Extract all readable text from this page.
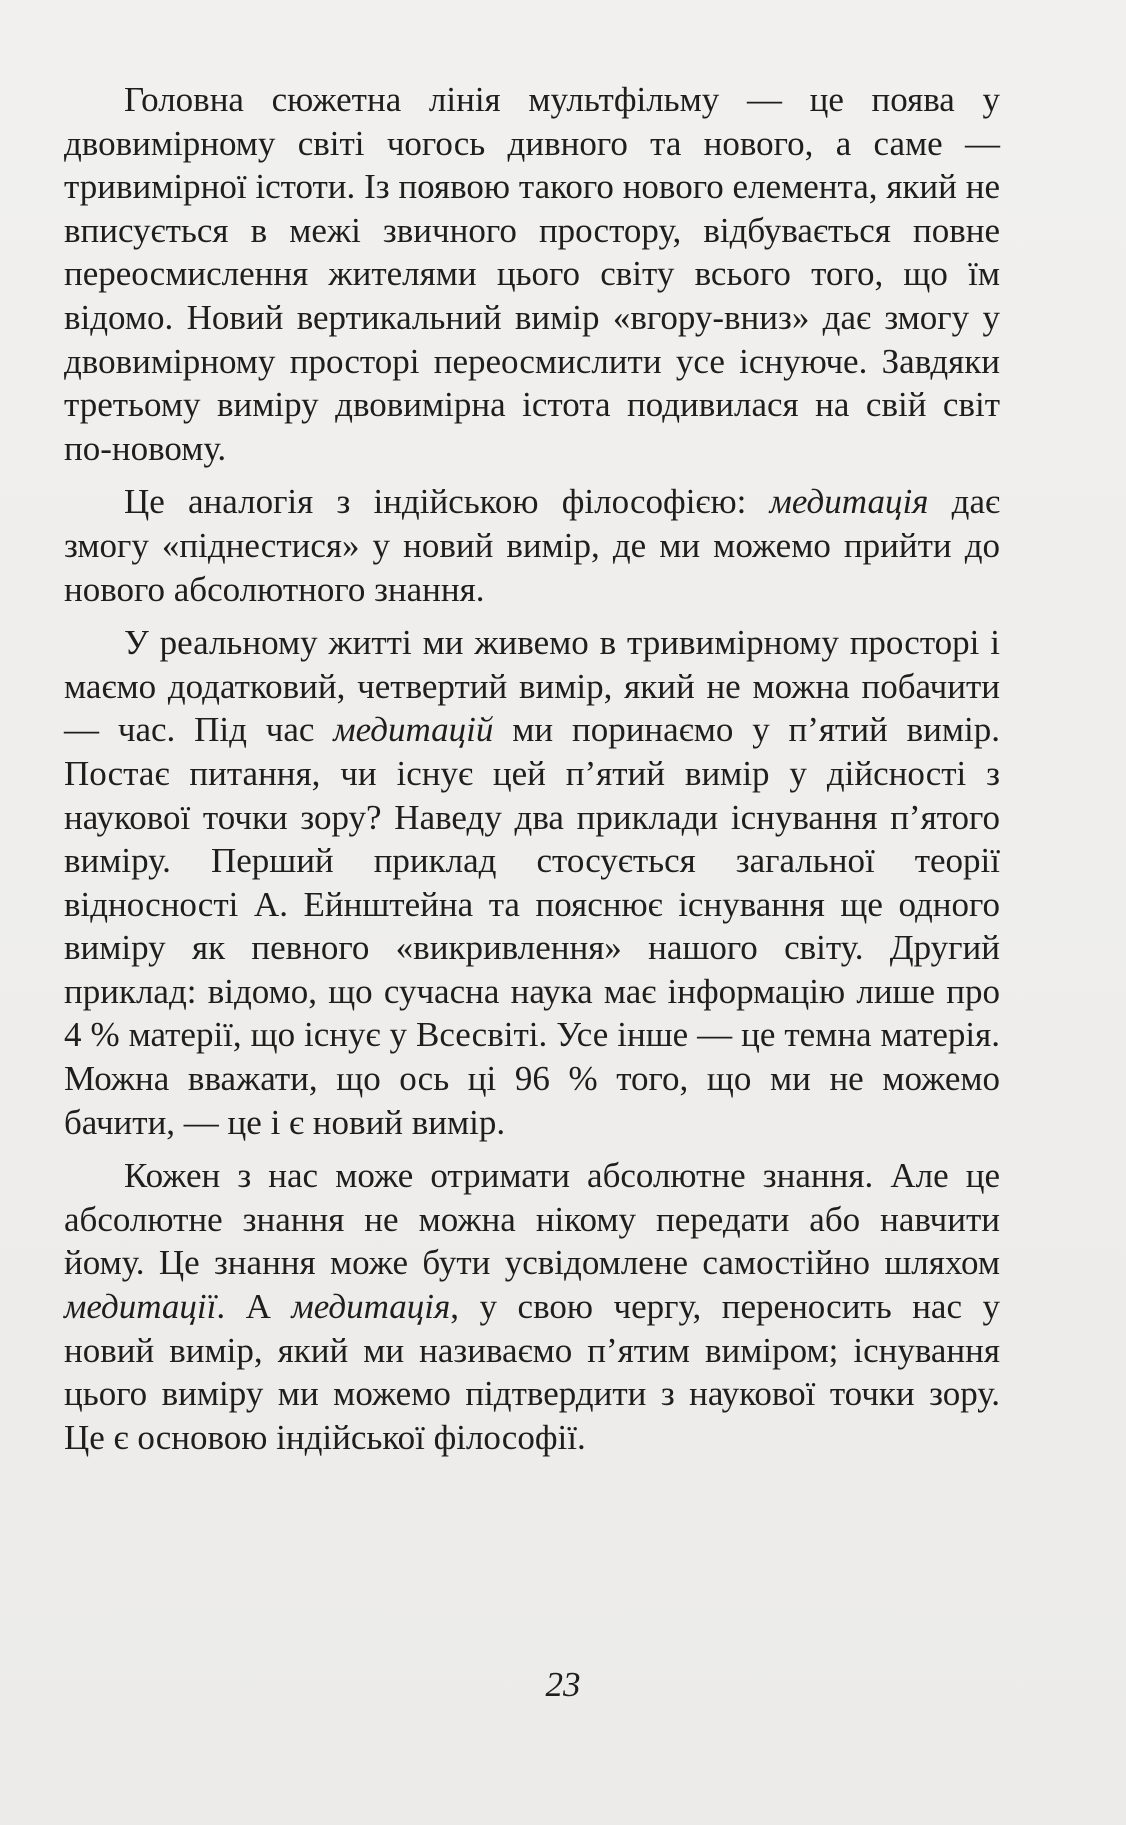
Головна сюжетна лінія мультфільму — це поява у двовимірному світі чогось дивного та нового, а саме — тривимірної істоти. Із появою такого нового елемента, який не вписується в межі звичного простору, відбувається повне переосмислення жителями цього світу всього того, що їм відомо. Новий вертикальний вимір «вгору-вниз» дає змогу у двовимірному просторі переосмислити усе існуюче. Завдяки третьому виміру двовимірна істота подивилася на свій світ по-новому.

Це аналогія з індійською філософією: медитація дає змогу «піднестися» у новий вимір, де ми можемо прийти до нового абсолютного знання.

У реальному житті ми живемо в тривимірному просторі і маємо додатковий, четвертий вимір, який не можна побачити — час. Під час медитацій ми поринаємо у п’ятий вимір. Постає питання, чи існує цей п’ятий вимір у дійсності з наукової точки зору? Наведу два приклади існування п’ятого виміру. Перший приклад стосується загальної теорії відносності А. Ейнштейна та пояснює існування ще одного виміру як певного «викривлення» нашого світу. Другий приклад: відомо, що сучасна наука має інформацію лише про 4 % матерії, що існує у Всесвіті. Усе інше — це темна матерія. Можна вважати, що ось ці 96 % того, що ми не можемо бачити, — це і є новий вимір.

Кожен з нас може отримати абсолютне знання. Але це абсолютне знання не можна нікому передати або навчити йому. Це знання може бути усвідомлене самостійно шляхом медитації. А медитація, у свою чергу, переносить нас у новий вимір, який ми називаємо п’ятим виміром; існування цього виміру ми можемо підтвердити з наукової точки зору. Це є основою індійської філософії.

23
